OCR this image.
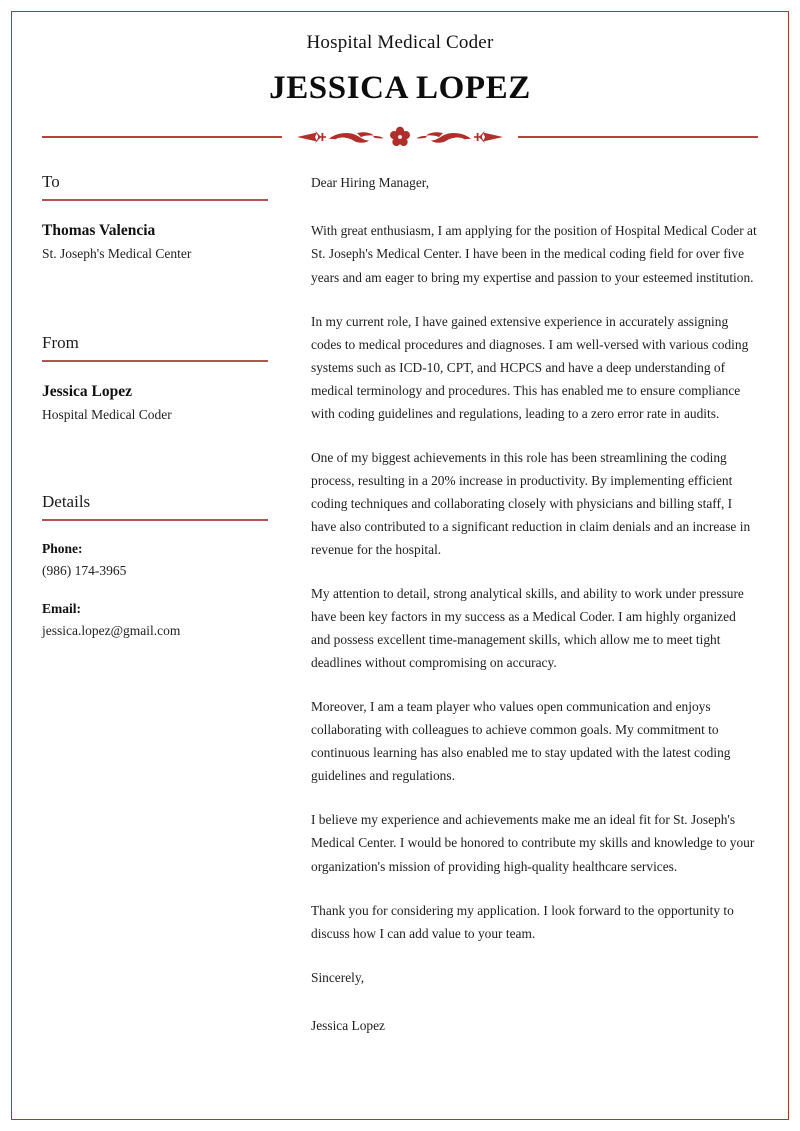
Hospital Medical Coder
JESSICA LOPEZ
To
Thomas Valencia
St. Joseph's Medical Center
From
Jessica Lopez
Hospital Medical Coder
Details
Phone:
(986) 174-3965
Email:
jessica.lopez@gmail.com

Dear Hiring Manager,

With great enthusiasm, I am applying for the position of Hospital Medical Coder at St. Joseph's Medical Center. I have been in the medical coding field for over five years and am eager to bring my expertise and passion to your esteemed institution.

In my current role, I have gained extensive experience in accurately assigning codes to medical procedures and diagnoses. I am well-versed with various coding systems such as ICD-10, CPT, and HCPCS and have a deep understanding of medical terminology and procedures. This has enabled me to ensure compliance with coding guidelines and regulations, leading to a zero error rate in audits.

One of my biggest achievements in this role has been streamlining the coding process, resulting in a 20% increase in productivity. By implementing efficient coding techniques and collaborating closely with physicians and billing staff, I have also contributed to a significant reduction in claim denials and an increase in revenue for the hospital.

My attention to detail, strong analytical skills, and ability to work under pressure have been key factors in my success as a Medical Coder. I am highly organized and possess excellent time-management skills, which allow me to meet tight deadlines without compromising on accuracy.

Moreover, I am a team player who values open communication and enjoys collaborating with colleagues to achieve common goals. My commitment to continuous learning has also enabled me to stay updated with the latest coding guidelines and regulations.

I believe my experience and achievements make me an ideal fit for St. Joseph's Medical Center. I would be honored to contribute my skills and knowledge to your organization's mission of providing high-quality healthcare services.

Thank you for considering my application. I look forward to the opportunity to discuss how I can add value to your team.

Sincerely,

Jessica Lopez
